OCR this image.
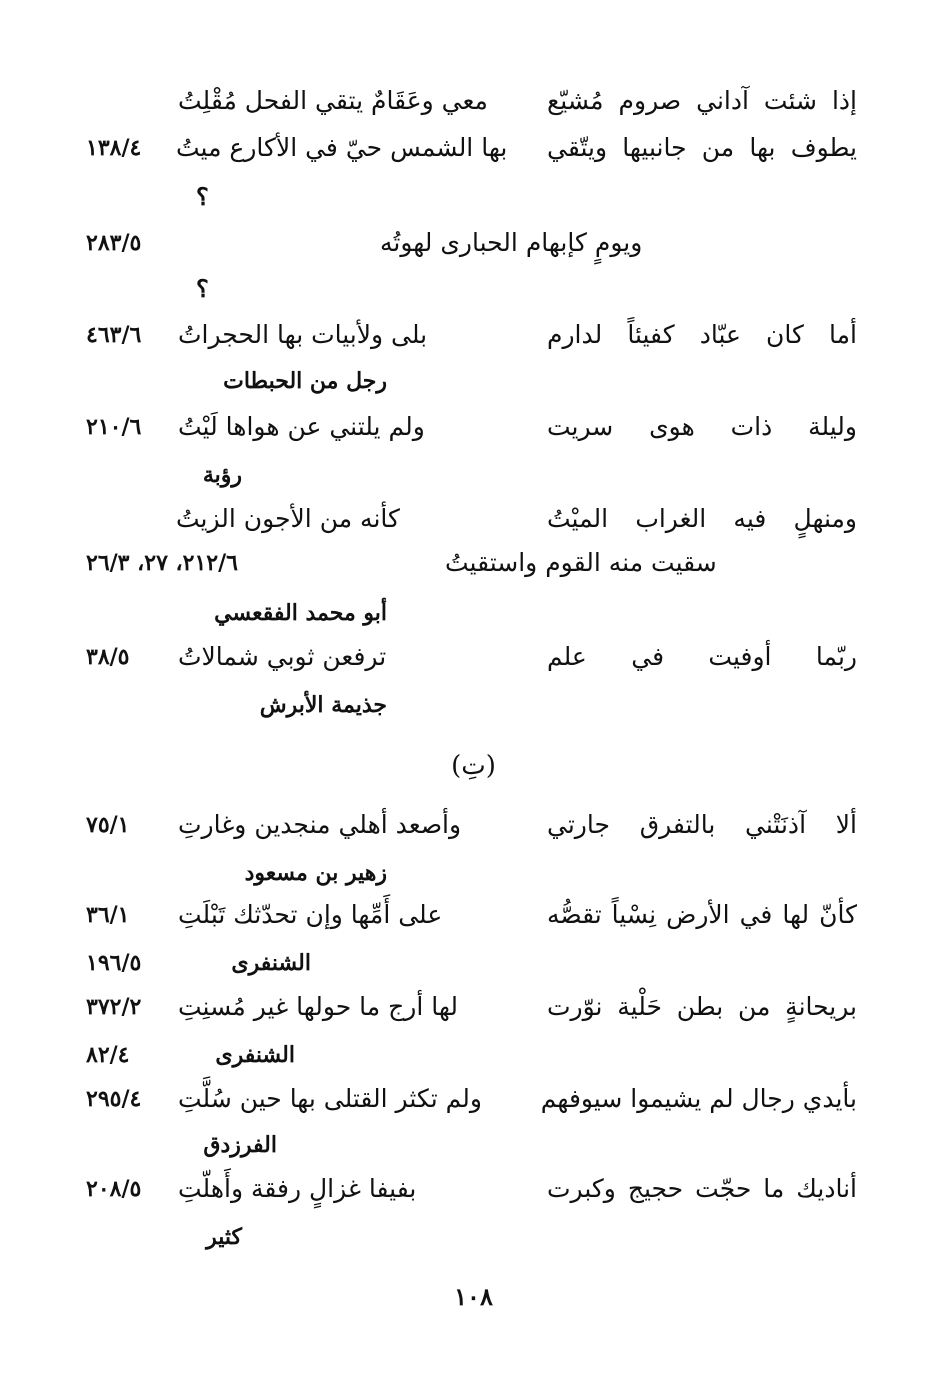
إذا شئت آداني صروم مُشيّع
معي وعَقَامٌ يتقي الفحل مُقْلِتُ
يطوف بها من جانبيها ويتّقي
بها الشمس حيّ في الأكارع ميتُ
١٣٨/٤
؟
ويومٍ كإبهام الحبارى لهوتُه
٢٨٣/٥
؟
أما كان عبّاد كفيئاً لدارم
بلى ولأبيات بها الحجراتُ
٤٦٣/٦
رجل من الحبطات
وليلة ذات هوى سريت
ولم يلتني عن هواها لَيْتُ
٢١٠/٦
رؤبة
ومنهلٍ فيه الغراب الميْتُ
كأنه من الأجون الزيتُ
سقيت منه القوم واستقيتُ
٢١٢/٦، ٢٧، ٢٦/٣
أبو محمد الفقعسي
ربّما أوفيت في علم
ترفعن ثوبي شمالاتُ
٣٨/٥
جذيمة الأبرش
(تِ)
ألا آذنَتْني بالتفرق جارتي
وأصعد أهلي منجدين وغارتِ
٧٥/١
زهير بن مسعود
كأنّ لها في الأرض نِسْياً تقصُّه
على أَمِّها وإن تحدّثك تَبْلَتِ
٣٦/١
الشنفرى
١٩٦/٥
بريحانةٍ من بطن حَلْية نوّرت
لها أرج ما حولها غير مُسنِتِ
٣٧٢/٢
الشنفرى
٨٢/٤
بأيدي رجال لم يشيموا سيوفهم
ولم تكثر القتلى بها حين سُلَّتِ
٢٩٥/٤
الفرزدق
أناديك ما حجّت حجيج وكبرت
بفيفا غزالٍ رفقة وأَهلّتِ
٢٠٨/٥
كثير
١٠٨
